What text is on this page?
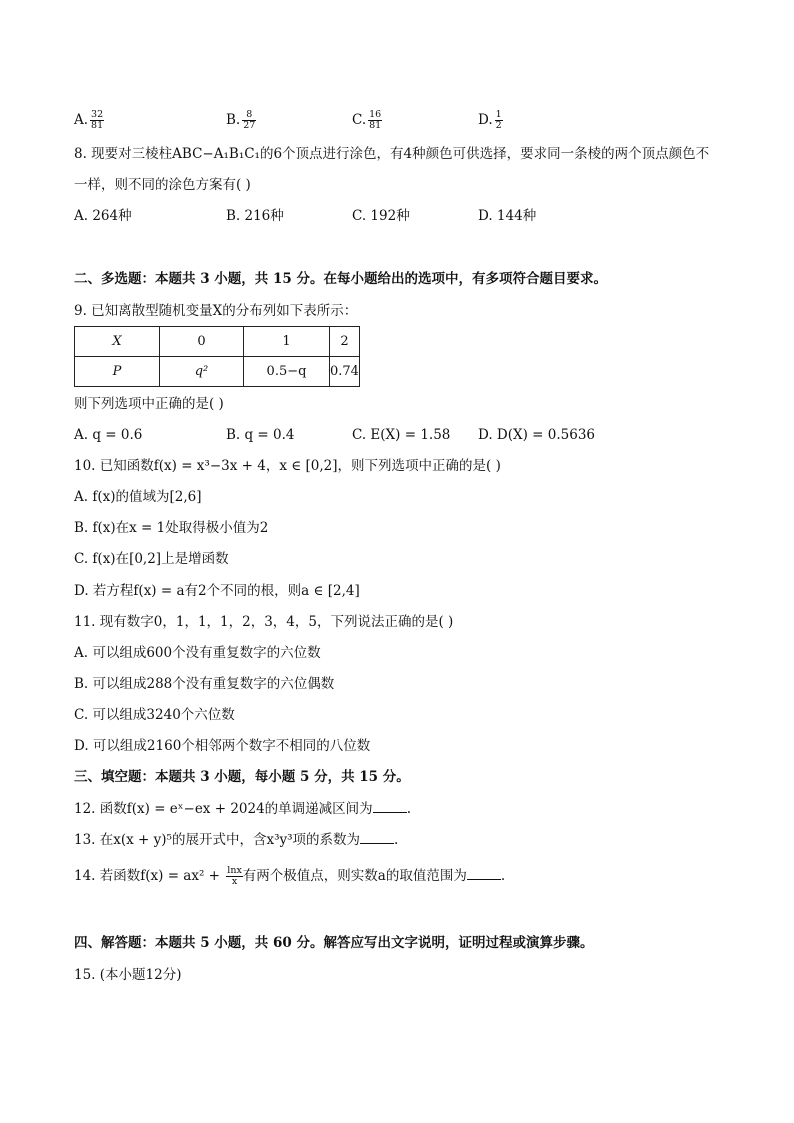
A. $\frac{32}{81}$	B. $\frac{8}{27}$	C. $\frac{16}{81}$	D. $\frac{1}{2}$
8. 现要对三棱柱ABC−A₁B₁C₁的6个顶点进行涂色，有4种颜色可供选择，要求同一条棱的两个顶点颜色不
一样，则不同的涂色方案有( )
A. 264种	B. 216种	C. 192种	D. 144种
二、多选题：本题共 3 小题，共 15 分。在每小题给出的选项中，有多项符合题目要求。
9. 已知离散型随机变量X的分布列如下表所示：
X	0	1	2
P	q²	0.5−q	0.74
则下列选项中正确的是( )
A. q = 0.6	B. q = 0.4	C. E(X) = 1.58 D. D(X) = 0.5636
10. 已知函数f(x) = x³−3x + 4，x ∈ [0,2]，则下列选项中正确的是( )
A. f(x)的值域为[2,6]
B. f(x)在x = 1处取得极小值为2
C. f(x)在[0,2]上是增函数
D. 若方程f(x) = a有2个不同的根，则a ∈ [2,4]
11. 现有数字0，1，1，1，2，3，4，5，下列说法正确的是( )
A. 可以组成600个没有重复数字的六位数
B. 可以组成288个没有重复数字的六位偶数
C. 可以组成3240个六位数
D. 可以组成2160个相邻两个数字不相同的八位数
三、填空题：本题共 3 小题，每小题 5 分，共 15 分。
12. 函数f(x) = eˣ−ex + 2024的单调递减区间为	.
13. 在x(x + y)⁵的展开式中，含x³y³项的系数为	.
14. 若函数$f(x) = ax^2 + \frac{\ln x}{x}$ 有两个极值点，则实数a的取值范围为	.
四、解答题：本题共 5 小题，共 60 分。解答应写出文字说明，证明过程或演算步骤。
15. (本小题12分)
